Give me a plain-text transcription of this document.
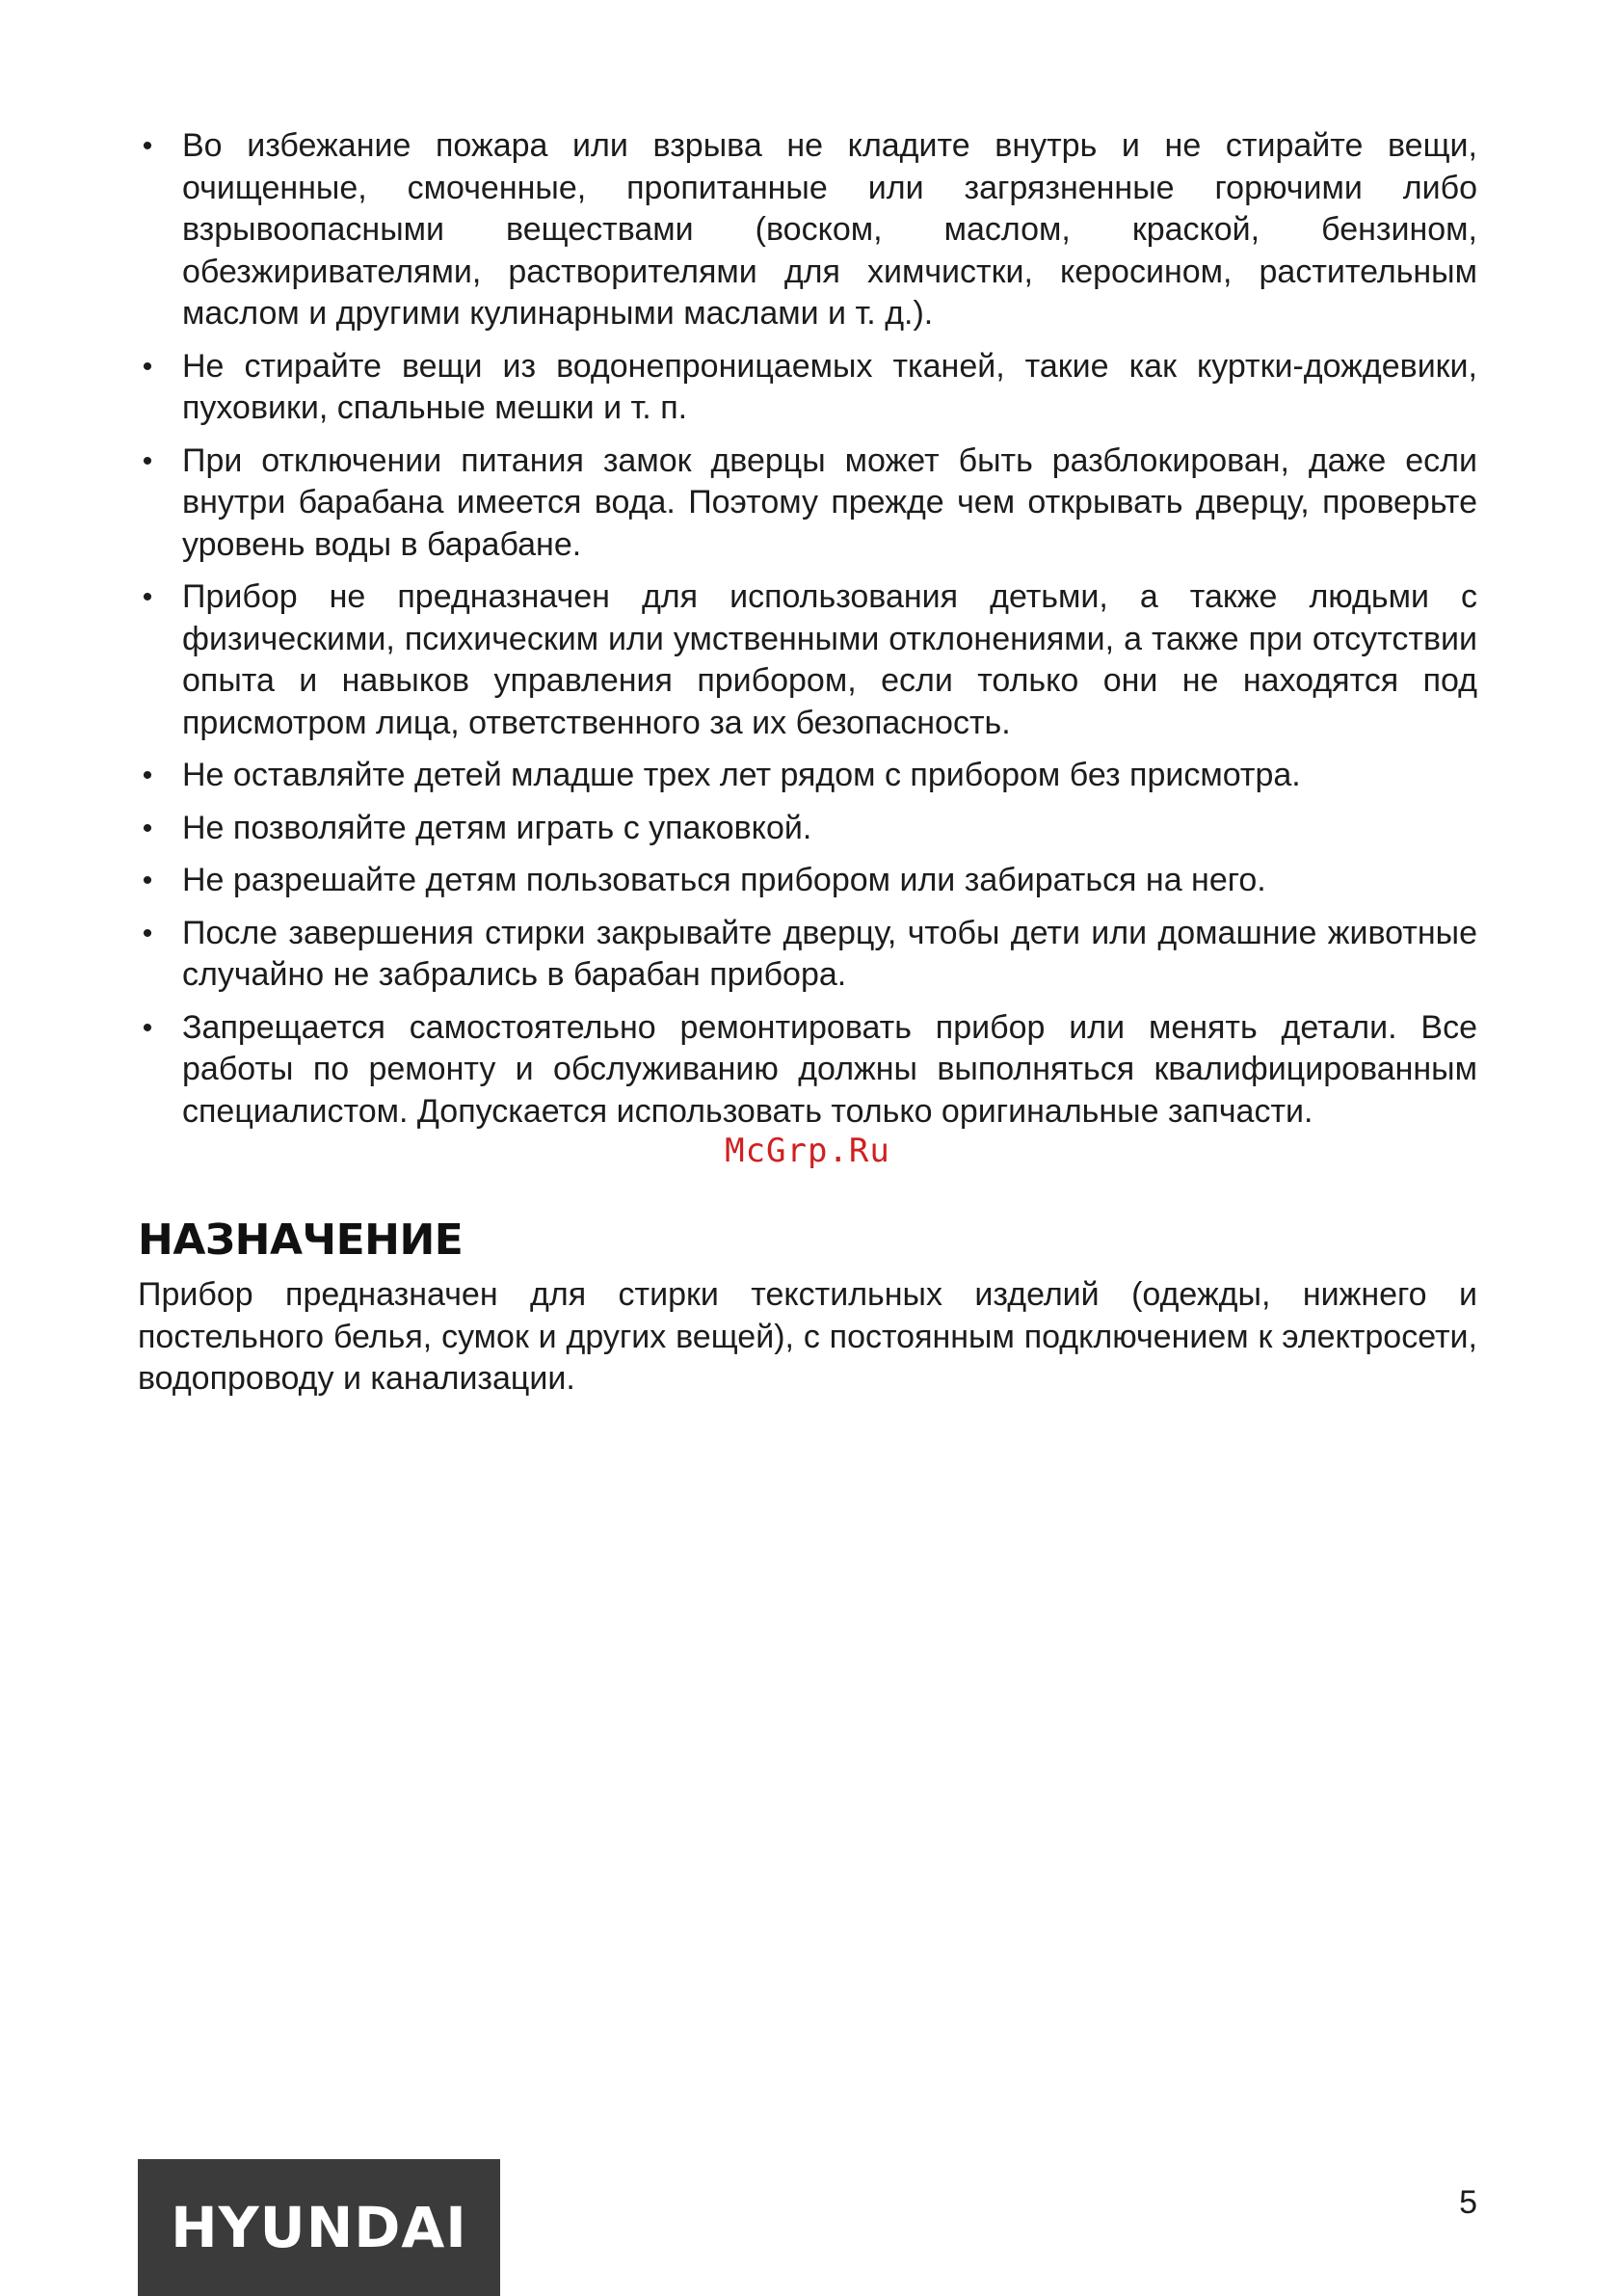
• Во избежание пожара или взрыва не кладите внутрь и не стирайте вещи, очищенные, смоченные, пропитанные или загрязненные горючими либо взрывоопасными веществами (воском, маслом, краской, бензином, обезжиривателями, растворителями для химчистки, керосином, растительным маслом и другими кулинарными маслами и т. д.).
• Не стирайте вещи из водонепроницаемых тканей, такие как куртки-дождевики, пуховики, спальные мешки и т. п.
• При отключении питания замок дверцы может быть разблокирован, даже если внутри барабана имеется вода. Поэтому прежде чем открывать дверцу, проверьте уровень воды в барабане.
• Прибор не предназначен для использования детьми, а также людьми с физическими, психическим или умственными отклонениями, а также при отсутствии опыта и навыков управления прибором, если только они не находятся под присмотром лица, ответственного за их безопасность.
• Не оставляйте детей младше трех лет рядом с прибором без присмотра.
• Не позволяйте детям играть с упаковкой.
• Не разрешайте детям пользоваться прибором или забираться на него.
• После завершения стирки закрывайте дверцу, чтобы дети или домашние животные случайно не забрались в барабан прибора.
• Запрещается самостоятельно ремонтировать прибор или менять детали. Все работы по ремонту и обслуживанию должны выполняться квалифицированным специалистом. Допускается использовать только оригинальные запчасти.
McGrp.Ru
НАЗНАЧЕНИЕ

Прибор предназначен для стирки текстильных изделий (одежды, нижнего и постельного белья, сумок и других вещей), с постоянным подключением к электросети, водопроводу и канализации.

HYUNDAI	5
